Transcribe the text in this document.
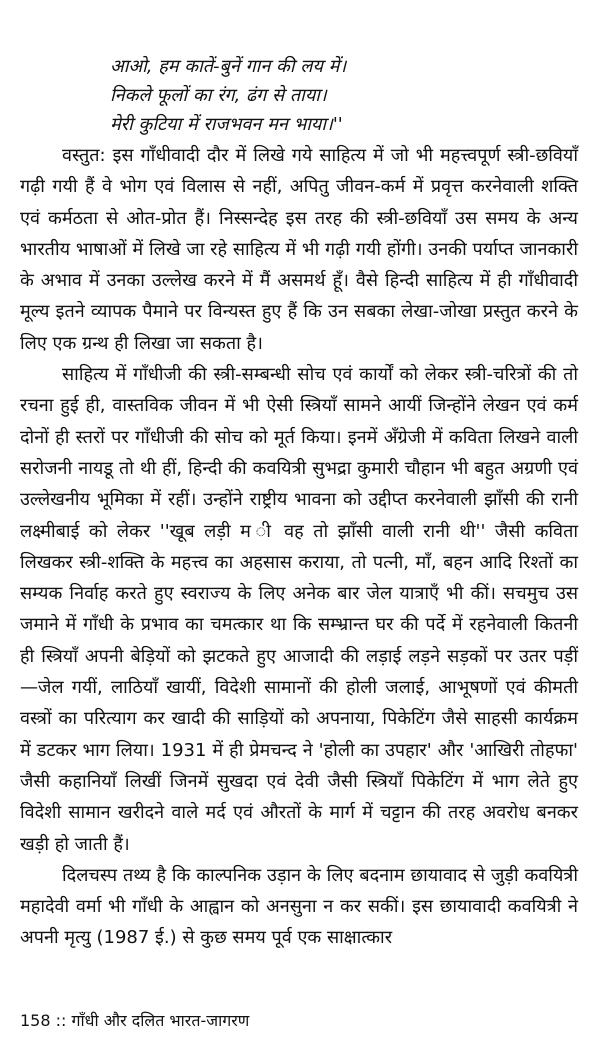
आओ, हम कातें-बुनें गान की लय में।
निकले फूलों का रंग, ढंग से ताया।
मेरी कुटिया में राजभवन मन भाया।''

वस्तुत: इस गाँधीवादी दौर में लिखे गये साहित्य में जो भी महत्त्वपूर्ण स्त्री-छवियाँ गढ़ी गयी हैं वे भोग एवं विलास से नहीं, अपितु जीवन-कर्म में प्रवृत्त करनेवाली शक्ति एवं कर्मठता से ओत-प्रोत हैं। निस्सन्देह इस तरह की स्त्री-छवियाँ उस समय के अन्य भारतीय भाषाओं में लिखे जा रहे साहित्य में भी गढ़ी गयी होंगी। उनकी पर्याप्त जानकारी के अभाव में उनका उल्लेख करने में मैं असमर्थ हूँ। वैसे हिन्दी साहित्य में ही गाँधीवादी मूल्य इतने व्यापक पैमाने पर विन्यस्त हुए हैं कि उन सबका लेखा-जोखा प्रस्तुत करने के लिए एक ग्रन्थ ही लिखा जा सकता है।

साहित्य में गाँधीजी की स्त्री-सम्बन्धी सोच एवं कार्यों को लेकर स्त्री-चरित्रों की तो रचना हुई ही, वास्तविक जीवन में भी ऐसी स्त्रियाँ सामने आयीं जिन्होंने लेखन एवं कर्म दोनों ही स्तरों पर गाँधीजी की सोच को मूर्त किया। इनमें अँग्रेजी में कविता लिखने वाली सरोजनी नायडू तो थी हीं, हिन्दी की कवयित्री सुभद्रा कुमारी चौहान भी बहुत अग्रणी एवं उल्लेखनीय भूमिका में रहीं। उन्होंने राष्ट्रीय भावना को उद्दीप्त करनेवाली झाँसी की रानी लक्ष्मीबाई को लेकर ''खूब लड़ी म ी वह तो झाँसी वाली रानी थी'' जैसी कविता लिखकर स्त्री-शक्ति के महत्त्व का अहसास कराया, तो पत्नी, माँ, बहन आदि रिश्तों का सम्यक निर्वाह करते हुए स्वराज्य के लिए अनेक बार जेल यात्राएँ भी कीं। सचमुच उस जमाने में गाँधी के प्रभाव का चमत्कार था कि सम्भ्रान्त घर की पर्दे में रहनेवाली कितनी ही स्त्रियाँ अपनी बेड़ियों को झटकते हुए आजादी की लड़ाई लड़ने सड़कों पर उतर पड़ीं—जेल गयीं, लाठियाँ खायीं, विदेशी सामानों की होली जलाई, आभूषणों एवं कीमती वस्त्रों का परित्याग कर खादी की साड़ियों को अपनाया, पिकेटिंग जैसे साहसी कार्यक्रम में डटकर भाग लिया। 1931 में ही प्रेमचन्द ने 'होली का उपहार' और 'आखिरी तोहफा' जैसी कहानियाँ लिखीं जिनमें सुखदा एवं देवी जैसी स्त्रियाँ पिकेटिंग में भाग लेते हुए विदेशी सामान खरीदने वाले मर्द एवं औरतों के मार्ग में चट्टान की तरह अवरोध बनकर खड़ी हो जाती हैं।

दिलचस्प तथ्य है कि काल्पनिक उड़ान के लिए बदनाम छायावाद से जुड़ी कवयित्री महादेवी वर्मा भी गाँधी के आह्वान को अनसुना न कर सकीं। इस छायावादी कवयित्री ने अपनी मृत्यु (1987 ई.) से कुछ समय पूर्व एक साक्षात्कार

158 :: गाँधी और दलित भारत-जागरण
